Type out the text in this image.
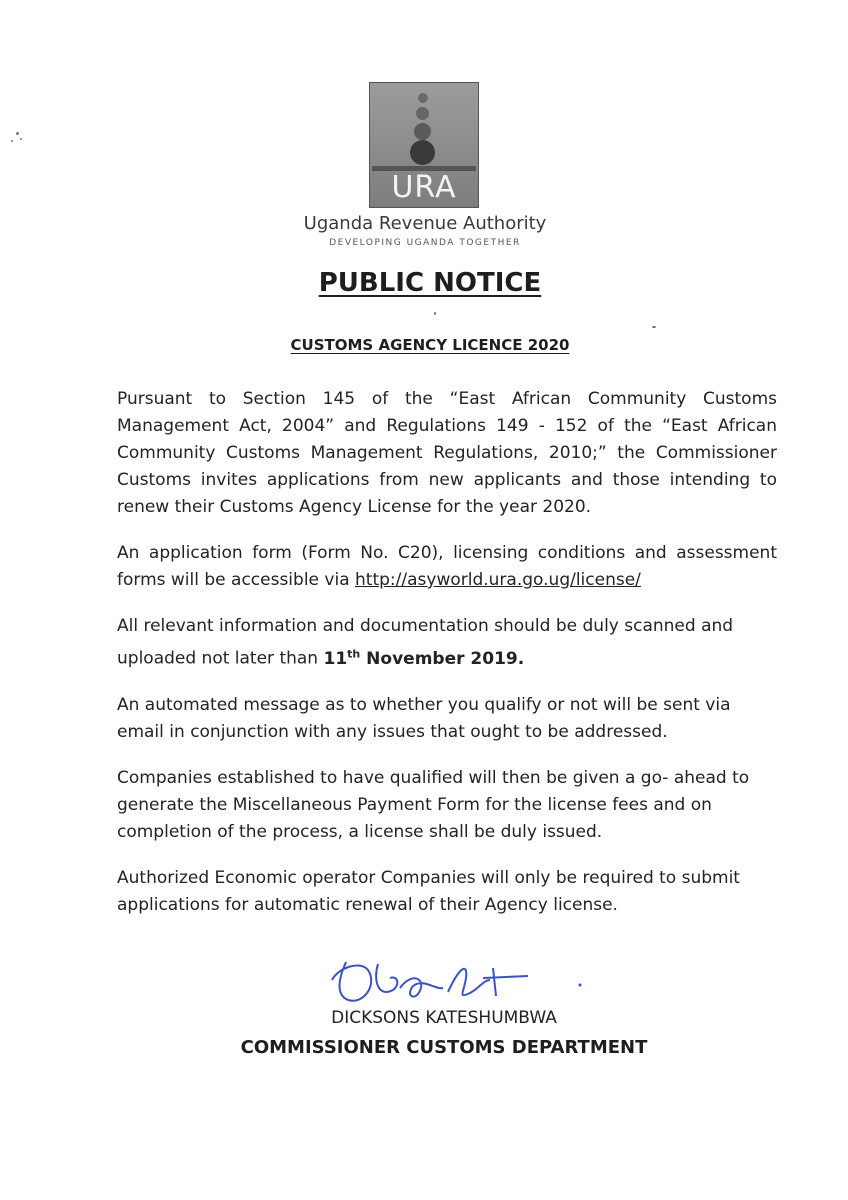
URA
Uganda Revenue Authority
DEVELOPING UGANDA TOGETHER
PUBLIC NOTICE
CUSTOMS AGENCY LICENCE 2020

Pursuant to Section 145 of the “East African Community Customs Management Act, 2004” and Regulations 149 - 152 of the “East African Community Customs Management Regulations, 2010;” the Commissioner Customs invites applications from new applicants and those intending to renew their Customs Agency License for the year 2020.

An application form (Form No. C20), licensing conditions and assessment forms will be accessible via http://asyworld.ura.go.ug/license/

All relevant information and documentation should be duly scanned and uploaded not later than 11th November 2019.

An automated message as to whether you qualify or not will be sent via email in conjunction with any issues that ought to be addressed.

Companies established to have qualified will then be given a go- ahead to generate the Miscellaneous Payment Form for the license fees and on completion of the process, a license shall be duly issued.

Authorized Economic operator Companies will only be required to submit applications for automatic renewal of their Agency license.

DICKSONS KATESHUMBWA
COMMISSIONER CUSTOMS DEPARTMENT
